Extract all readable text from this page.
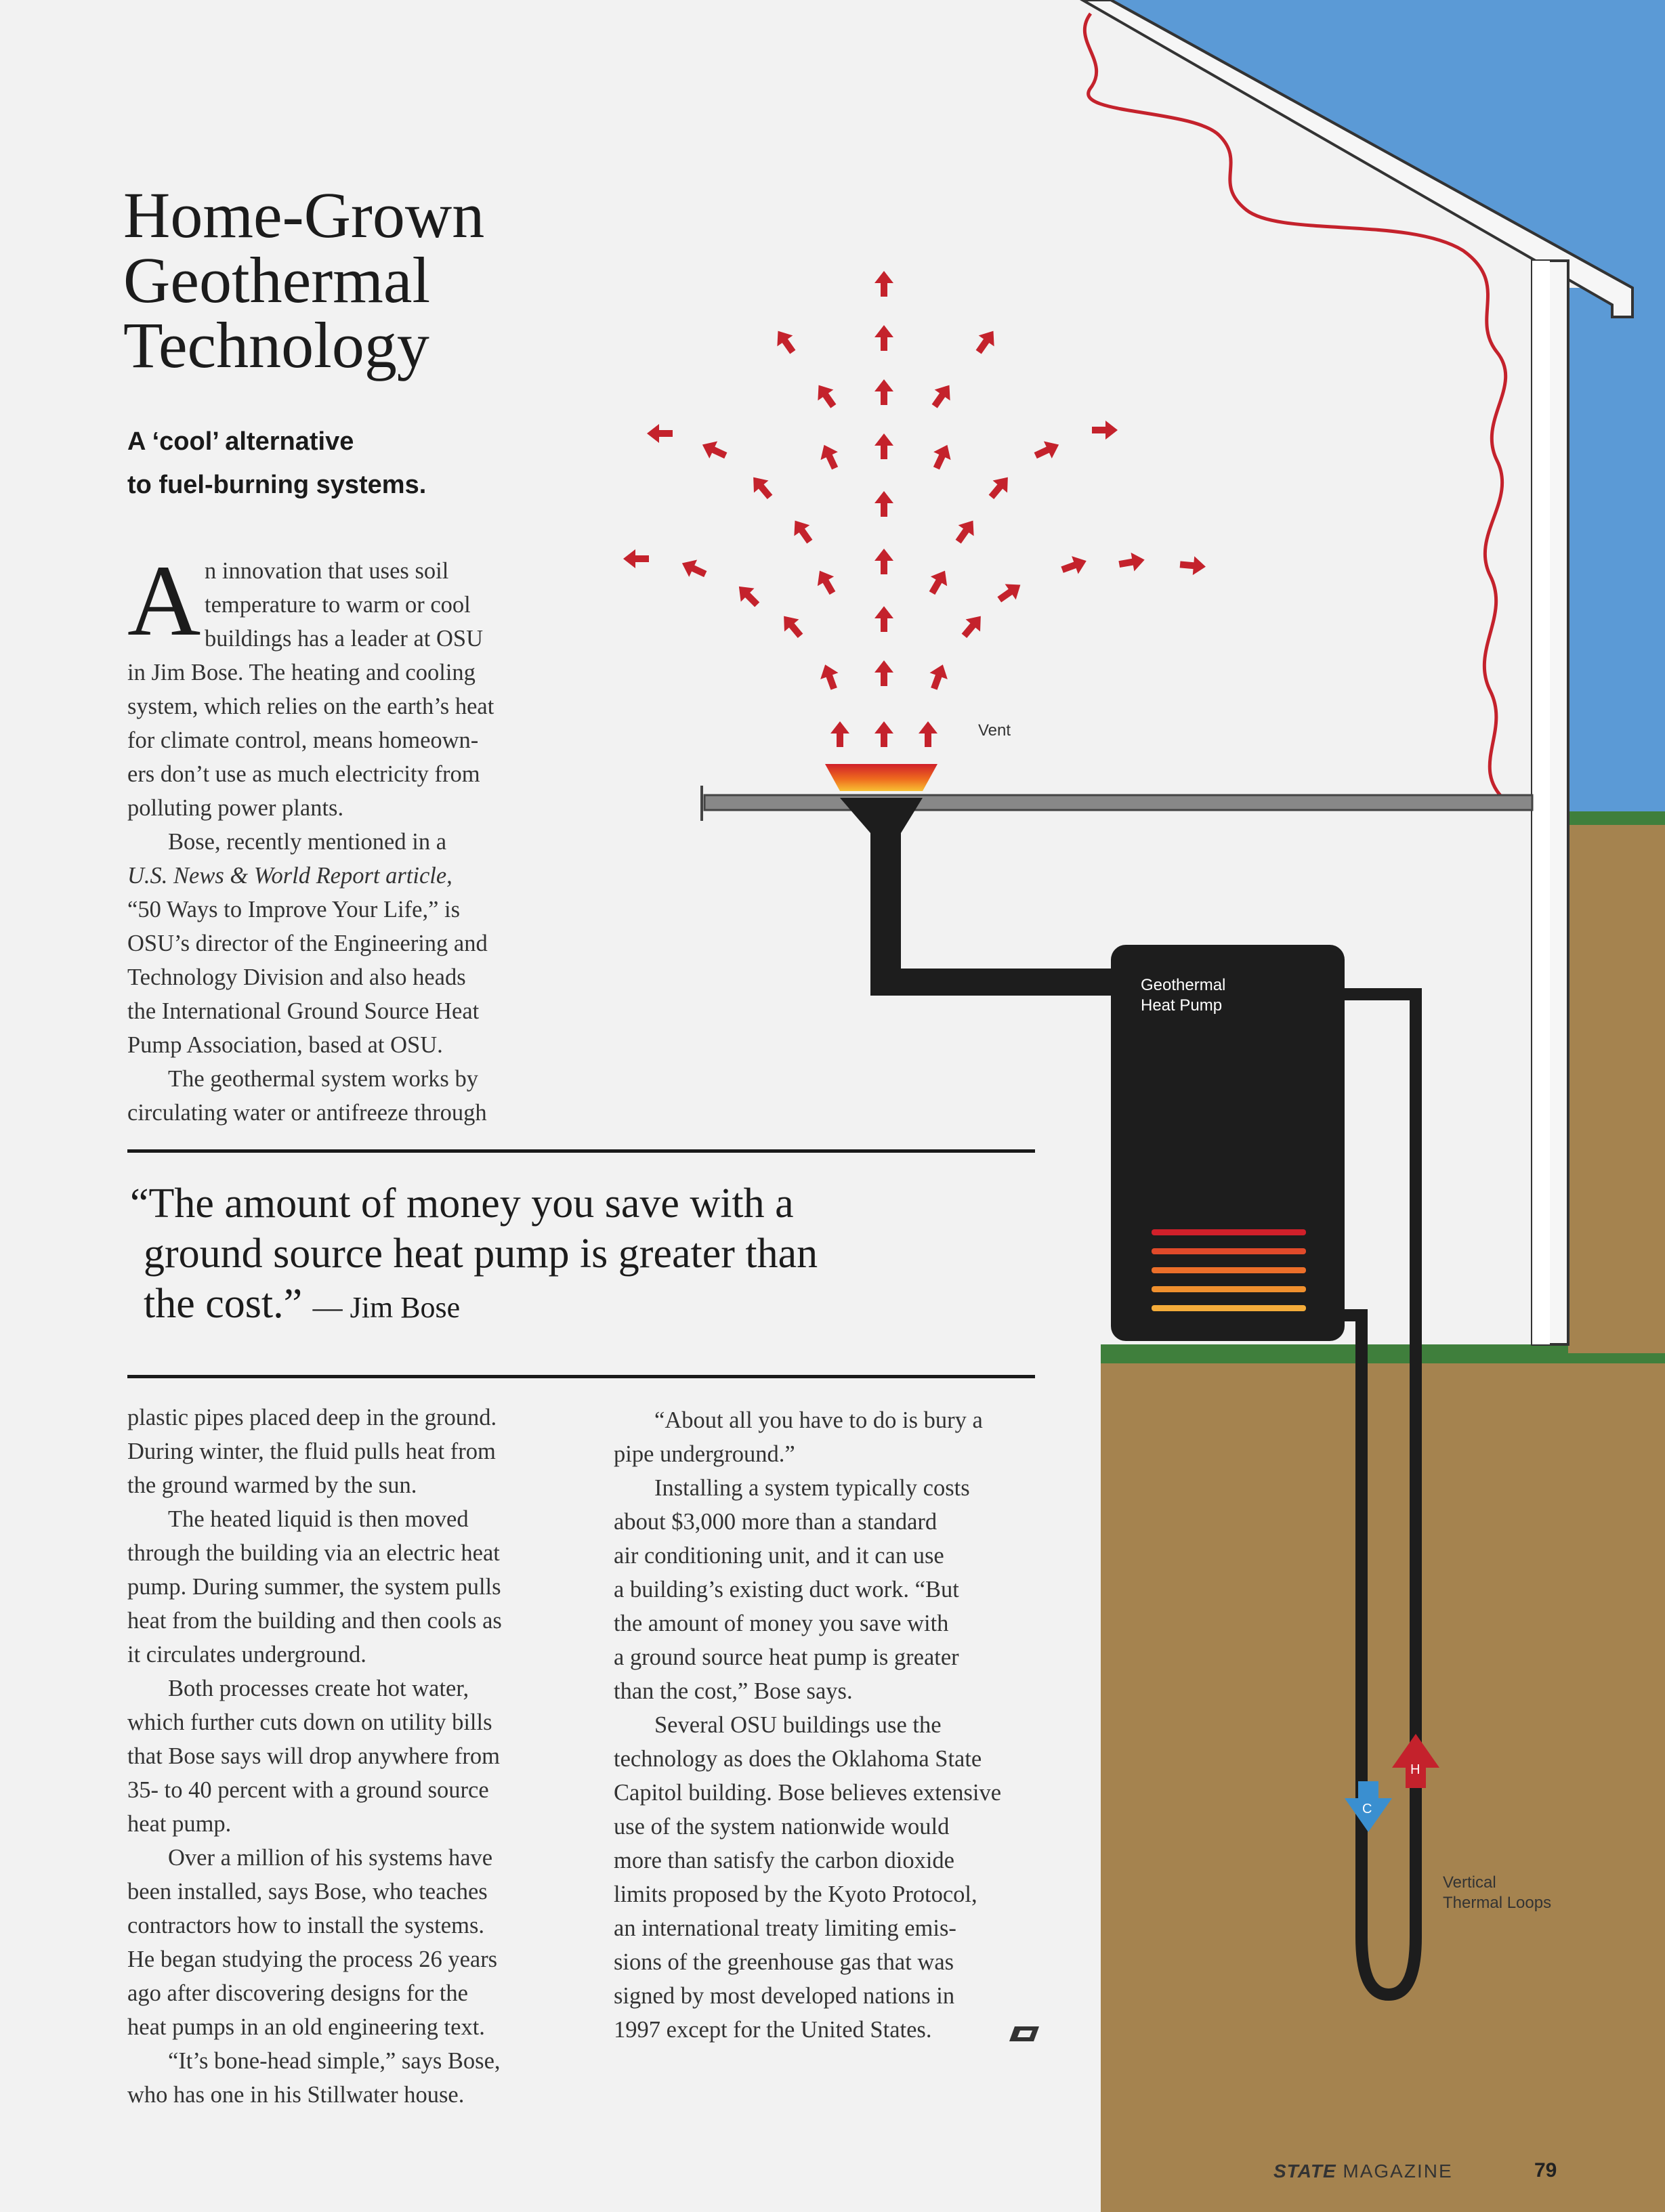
Home-Grown
Geothermal
Technology
A ‘cool’ alternative
to fuel-burning systems.
A n innovation that uses soil
temperature to warm or cool
buildings has a leader at OSU
in Jim Bose. The heating and cooling
system, which relies on the earth’s heat
for climate control, means homeown-
ers don’t use as much electricity from
polluting power plants.
Bose, recently mentioned in a
U.S. News & World Report article,
“50 Ways to Improve Your Life,” is
OSU’s director of the Engineering and
Technology Division and also heads
the International Ground Source Heat
Pump Association, based at OSU.
The geothermal system works by
circulating water or antifreeze through
“The amount of money you save with a
ground source heat pump is greater than
the cost.” — Jim Bose
plastic pipes placed deep in the ground.
During winter, the fluid pulls heat from
the ground warmed by the sun.
The heated liquid is then moved
through the building via an electric heat
pump. During summer, the system pulls
heat from the building and then cools as
it circulates underground.
Both processes create hot water,
which further cuts down on utility bills
that Bose says will drop anywhere from
35- to 40 percent with a ground source
heat pump.
Over a million of his systems have
been installed, says Bose, who teaches
contractors how to install the systems.
He began studying the process 26 years
ago after discovering designs for the
heat pumps in an old engineering text.
“It’s bone-head simple,” says Bose,
who has one in his Stillwater house.
“About all you have to do is bury a
pipe underground.”
Installing a system typically costs
about $3,000 more than a standard
air conditioning unit, and it can use
a building’s existing duct work. “But
the amount of money you save with
a ground source heat pump is greater
than the cost,” Bose says.
Several OSU buildings use the
technology as does the Oklahoma State
Capitol building. Bose believes extensive
use of the system nationwide would
more than satisfy the carbon dioxide
limits proposed by the Kyoto Protocol,
an international treaty limiting emis-
sions of the greenhouse gas that was
signed by most developed nations in
1997 except for the United States.
Vent
Geothermal
Heat Pump
Vertical
Thermal Loops
C
H
STATE MAGAZINE	79
